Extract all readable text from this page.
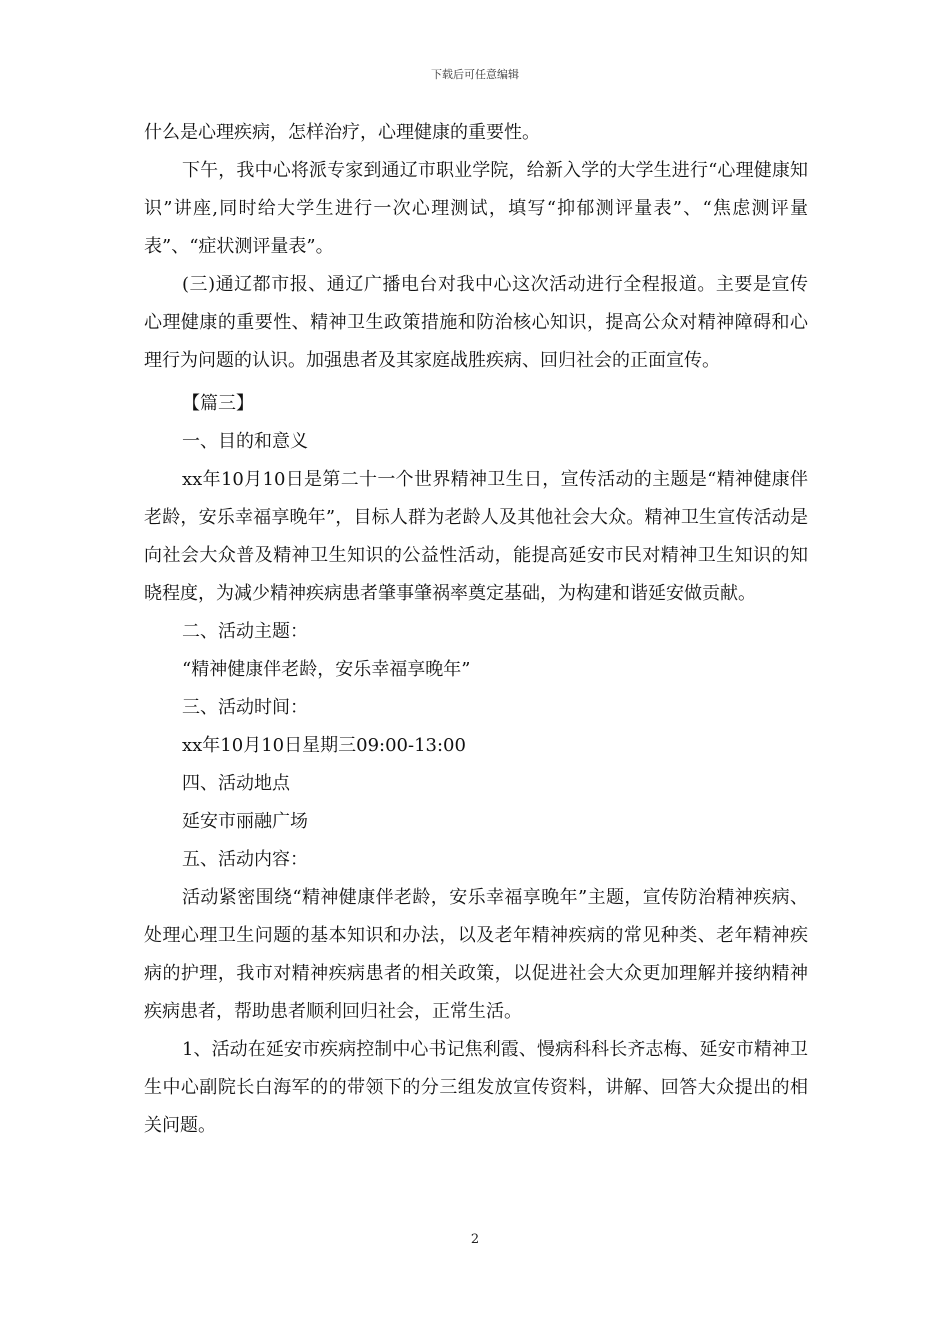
下载后可任意编辑

什么是心理疾病，怎样治疗，心理健康的重要性。

下午，我中心将派专家到通辽市职业学院，给新入学的大学生进行“心理健康知识”讲座,同时给大学生进行一次心理测试，填写“抑郁测评量表”、“焦虑测评量表”、“症状测评量表”。

(三)通辽都市报、通辽广播电台对我中心这次活动进行全程报道。主要是宣传心理健康的重要性、精神卫生政策措施和防治核心知识，提高公众对精神障碍和心理行为问题的认识。加强患者及其家庭战胜疾病、回归社会的正面宣传。

【篇三】

一、目的和意义

xx年10月10日是第二十一个世界精神卫生日，宣传活动的主题是“精神健康伴老龄，安乐幸福享晚年”，目标人群为老龄人及其他社会大众。精神卫生宣传活动是向社会大众普及精神卫生知识的公益性活动，能提高延安市民对精神卫生知识的知晓程度，为减少精神疾病患者肇事肇祸率奠定基础，为构建和谐延安做贡献。

二、活动主题：

“精神健康伴老龄，安乐幸福享晚年”

三、活动时间：

xx年10月10日星期三09:00-13:00

四、活动地点

延安市丽融广场

五、活动内容：

活动紧密围绕“精神健康伴老龄，安乐幸福享晚年”主题，宣传防治精神疾病、处理心理卫生问题的基本知识和办法，以及老年精神疾病的常见种类、老年精神疾病的护理，我市对精神疾病患者的相关政策，以促进社会大众更加理解并接纳精神疾病患者，帮助患者顺利回归社会，正常生活。

1、活动在延安市疾病控制中心书记焦利霞、慢病科科长齐志梅、延安市精神卫生中心副院长白海军的的带领下的分三组发放宣传资料，讲解、回答大众提出的相关问题。

2
